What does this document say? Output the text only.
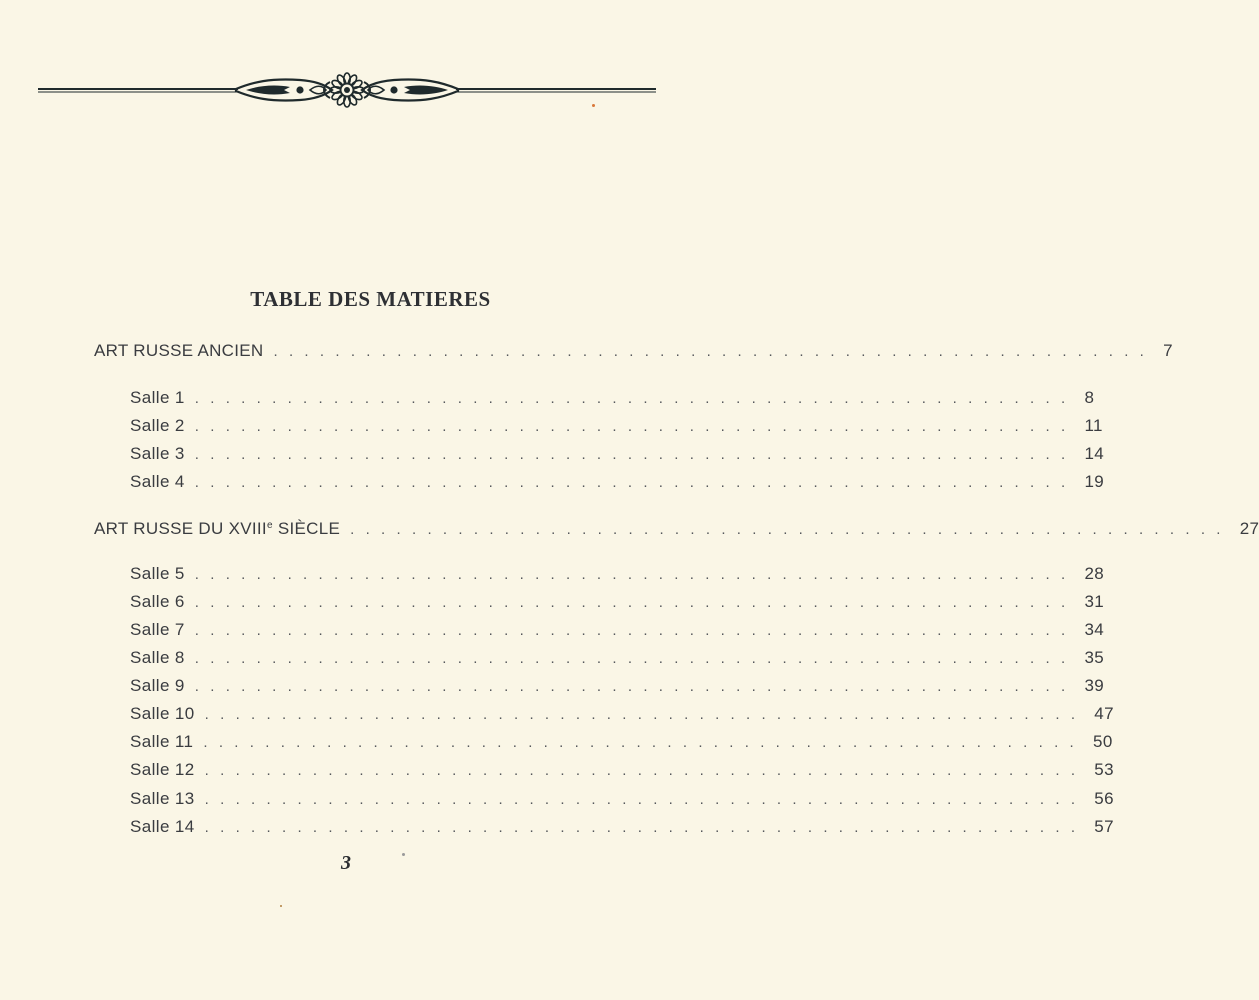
TABLE DES MATIERES
ART RUSSE ANCIEN ......................................................... 7
Salle 1 ......................................................... 8
Salle 2 ......................................................... 11
Salle 3 ......................................................... 14
Salle 4 ......................................................... 19
ART RUSSE DU XVIIIe SIÈCLE ......................................................... 27
Salle 5 ......................................................... 28
Salle 6 ......................................................... 31
Salle 7 ......................................................... 34
Salle 8 ......................................................... 35
Salle 9 ......................................................... 39
Salle 10 ......................................................... 47
Salle 11 ......................................................... 50
Salle 12 ......................................................... 53
Salle 13 ......................................................... 56
Salle 14 ......................................................... 57
3
